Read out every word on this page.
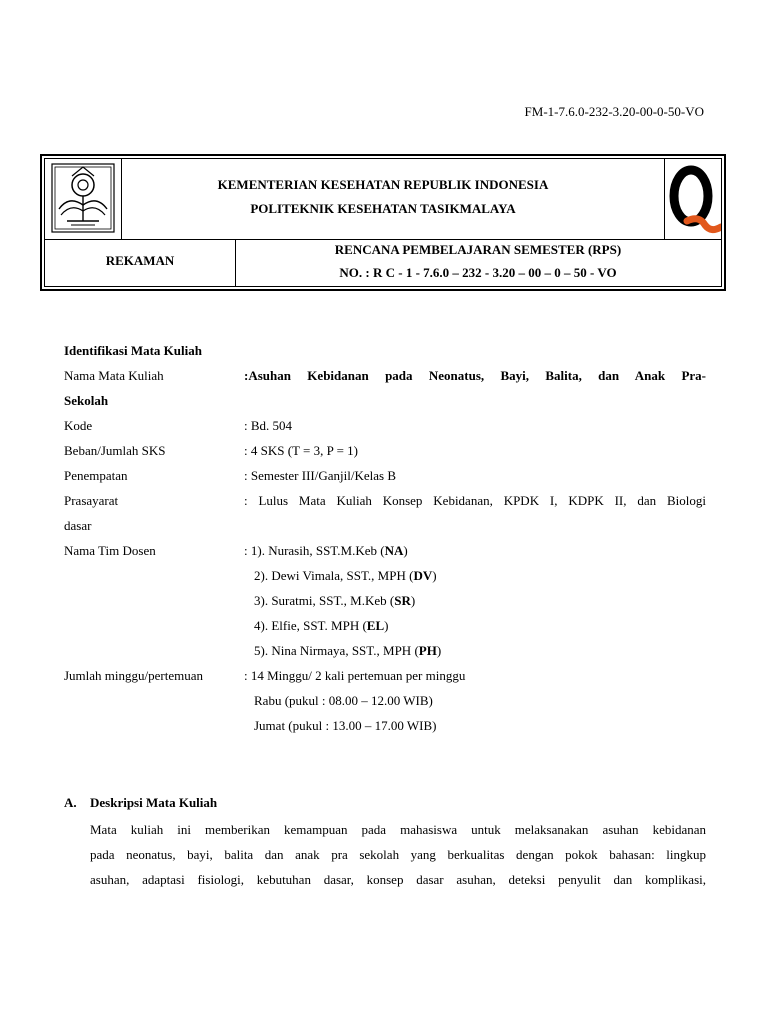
FM-1-7.6.0-232-3.20-00-0-50-VO
KEMENTERIAN KESEHATAN REPUBLIK INDONESIA
POLITEKNIK KESEHATAN TASIKMALAYA
REKAMAN
RENCANA PEMBELAJARAN SEMESTER (RPS)
NO. : R C - 1 - 7.6.0 – 232 - 3.20 – 00 – 0 – 50 - VO
Identifikasi Mata Kuliah
Nama Mata Kuliah	:Asuhan Kebidanan pada Neonatus, Bayi, Balita, dan Anak Pra-
Sekolah
Kode	: Bd. 504
Beban/Jumlah SKS	: 4 SKS (T = 3, P = 1)
Penempatan	: Semester III/Ganjil/Kelas B
Prasayarat	: Lulus Mata Kuliah Konsep Kebidanan, KPDK I, KDPK II, dan Biologi
dasar
Nama Tim Dosen	: 1). Nurasih, SST.M.Keb (NA)
2). Dewi Vimala, SST., MPH (DV)
3). Suratmi, SST., M.Keb (SR)
4). Elfie, SST. MPH (EL)
5). Nina Nirmaya, SST., MPH (PH)
Jumlah minggu/pertemuan	: 14 Minggu/ 2 kali pertemuan per minggu
Rabu (pukul : 08.00 – 12.00 WIB)
Jumat (pukul : 13.00 – 17.00 WIB)
A. Deskripsi Mata Kuliah
Mata kuliah ini memberikan kemampuan pada mahasiswa untuk melaksanakan asuhan kebidanan
pada neonatus, bayi, balita dan anak pra sekolah yang berkualitas dengan pokok bahasan: lingkup
asuhan, adaptasi fisiologi, kebutuhan dasar, konsep dasar asuhan, deteksi penyulit dan komplikasi,
